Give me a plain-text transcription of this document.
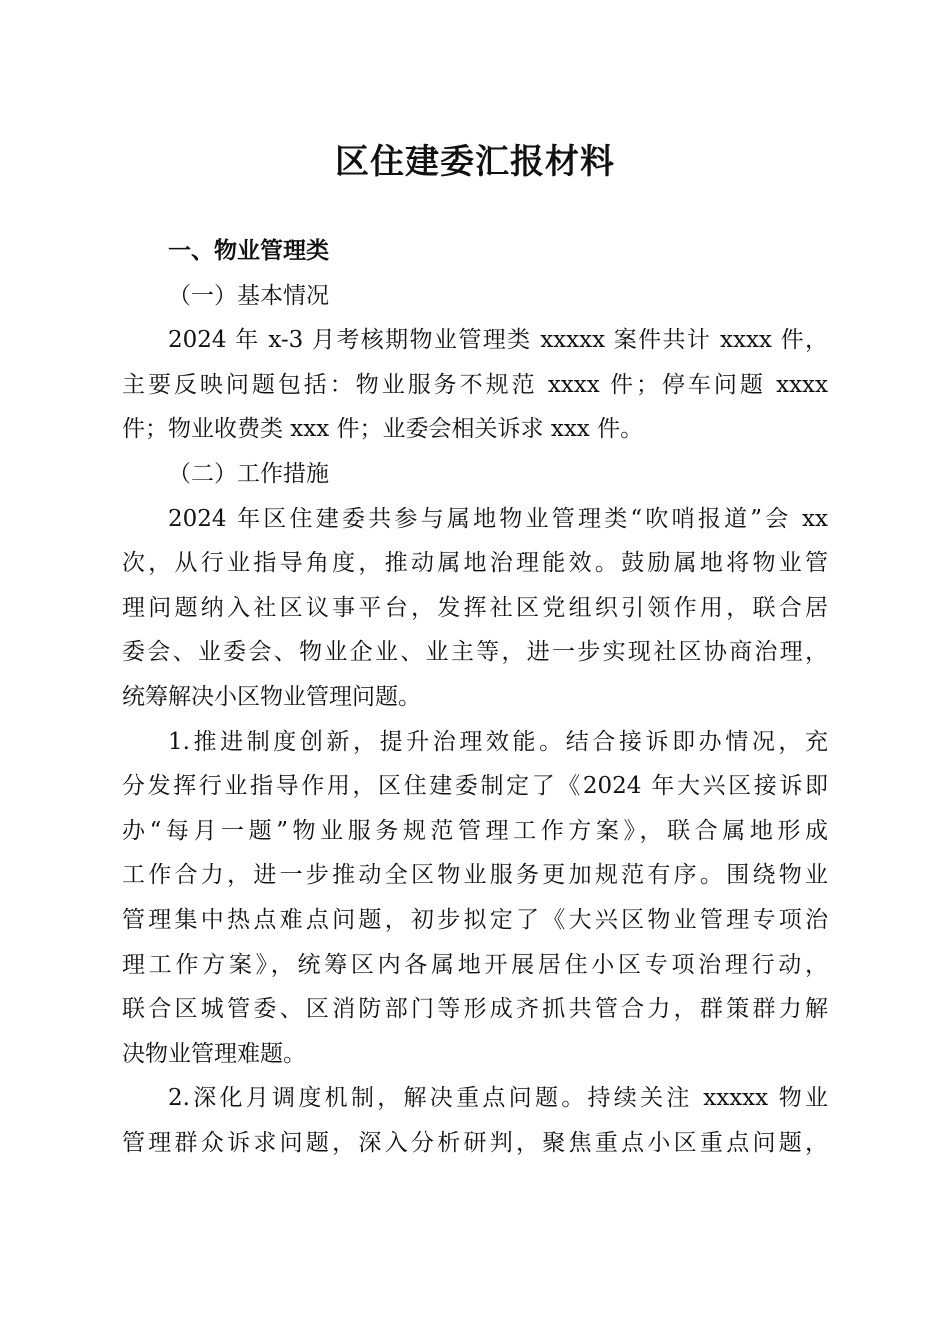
区住建委汇报材料
一、物业管理类
（一）基本情况
2024 年 x-3 月考核期物业管理类 xxxxx 案件共计 xxxx 件，
主要反映问题包括：物业服务不规范 xxxx 件；停车问题 xxxx
件；物业收费类 xxx 件；业委会相关诉求 xxx 件。
（二）工作措施
2024 年区住建委共参与属地物业管理类“吹哨报道”会 xx
次，从行业指导角度，推动属地治理能效。鼓励属地将物业管
理问题纳入社区议事平台，发挥社区党组织引领作用，联合居
委会、业委会、物业企业、业主等，进一步实现社区协商治理，
统筹解决小区物业管理问题。
1.推进制度创新，提升治理效能。结合接诉即办情况，充
分发挥行业指导作用，区住建委制定了《2024 年大兴区接诉即
办“每月一题”物业服务规范管理工作方案》，联合属地形成
工作合力，进一步推动全区物业服务更加规范有序。围绕物业
管理集中热点难点问题，初步拟定了《大兴区物业管理专项治
理工作方案》，统筹区内各属地开展居住小区专项治理行动，
联合区城管委、区消防部门等形成齐抓共管合力，群策群力解
决物业管理难题。
2.深化月调度机制，解决重点问题。持续关注 xxxxx 物业
管理群众诉求问题，深入分析研判，聚焦重点小区重点问题，
